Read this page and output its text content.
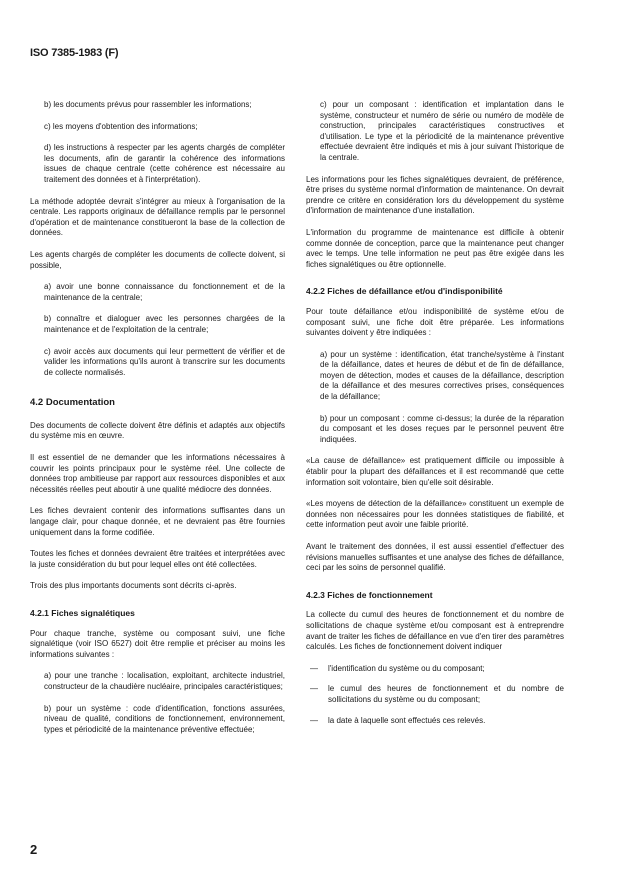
ISO 7385-1983 (F)
b) les documents prévus pour rassembler les informations;
c) les moyens d'obtention des informations;
d) les instructions à respecter par les agents chargés de compléter les documents, afin de garantir la cohérence des informations issues de chaque centrale (cette cohérence est nécessaire au traitement des données et à l'interprétation).

La méthode adoptée devrait s'intégrer au mieux à l'organisation de la centrale. Les rapports originaux de défaillance remplis par le personnel d'opération et de maintenance constitueront la base de la collection de données.

Les agents chargés de compléter les documents de collecte doivent, si possible,

a) avoir une bonne connaissance du fonctionnement et de la maintenance de la centrale;
b) connaître et dialoguer avec les personnes chargées de la maintenance et de l'exploitation de la centrale;
c) avoir accès aux documents qui leur permettent de vérifier et de valider les informations qu'ils auront à transcrire sur les documents de collecte normalisés.
4.2 Documentation

Des documents de collecte doivent être définis et adaptés aux objectifs du système mis en œuvre.

Il est essentiel de ne demander que les informations nécessaires à couvrir les points principaux pour le système réel. Une collecte de données trop ambitieuse par rapport aux ressources disponibles et aux nécessités réelles peut aboutir à une qualité médiocre des données.

Les fiches devraient contenir des informations suffisantes dans un langage clair, pour chaque donnée, et ne devraient pas être fournies uniquement dans la forme codifiée.

Toutes les fiches et données devraient être traitées et interprétées avec la juste considération du but pour lequel elles ont été collectées.

Trois des plus importants documents sont décrits ci-après.

4.2.1 Fiches signalétiques

Pour chaque tranche, système ou composant suivi, une fiche signalétique (voir ISO 6527) doit être remplie et préciser au moins les informations suivantes :

a) pour une tranche : localisation, exploitant, architecte industriel, constructeur de la chaudière nucléaire, principales caractéristiques;
b) pour un système : code d'identification, fonctions assurées, niveau de qualité, conditions de fonctionnement, environnement, types et périodicité de la maintenance préventive effectuée;
c) pour un composant : identification et implantation dans le système, constructeur et numéro de série ou numéro de modèle de construction, principales caractéristiques constructives et d'utilisation. Le type et la périodicité de la maintenance préventive effectuée devraient être indiqués et mis à jour suivant l'historique de la centrale.

Les informations pour les fiches signalétiques devraient, de préférence, être prises du système normal d'information de maintenance. On devrait prendre ce critère en considération lors du développement du système d'information de maintenance d'une installation.

L'information du programme de maintenance est difficile à obtenir comme donnée de conception, parce que la maintenance peut changer avec le temps. Une telle information ne peut pas être exigée dans les fiches signalétiques ou être optionnelle.

4.2.2 Fiches de défaillance et/ou d'indisponibilité

Pour toute défaillance et/ou indisponibilité de système et/ou de composant suivi, une fiche doit être préparée. Les informations suivantes doivent y être indiquées :

a) pour un système : identification, état tranche/système à l'instant de la défaillance, dates et heures de début et de fin de défaillance, moyen de détection, modes et causes de la défaillance, description de la défaillance et des mesures correctives prises, conséquences de la défaillance;
b) pour un composant : comme ci-dessus; la durée de la réparation du composant et les doses reçues par le personnel peuvent être indiquées.

«La cause de défaillance» est pratiquement difficile ou impossible à établir pour la plupart des défaillances et il est recommandé que cette information soit volontaire, bien qu'elle soit désirable.

«Les moyens de détection de la défaillance» constituent un exemple de données non nécessaires pour les données statistiques de fiabilité, et cette information peut avoir une faible priorité.

Avant le traitement des données, il est aussi essentiel d'effectuer des révisions manuelles suffisantes et une analyse des fiches de défaillance, ceci par les soins de personnel qualifié.

4.2.3 Fiches de fonctionnement

La collecte du cumul des heures de fonctionnement et du nombre de sollicitations de chaque système et/ou composant est à entreprendre avant de traiter les fiches de défaillance en vue d'en tirer des paramètres calculés. Les fiches de fonctionnement doivent indiquer

—	l'identification du système ou du composant;
—	le cumul des heures de fonctionnement et du nombre de sollicitations du système ou du composant;
—	la date à laquelle sont effectués ces relevés.
2
